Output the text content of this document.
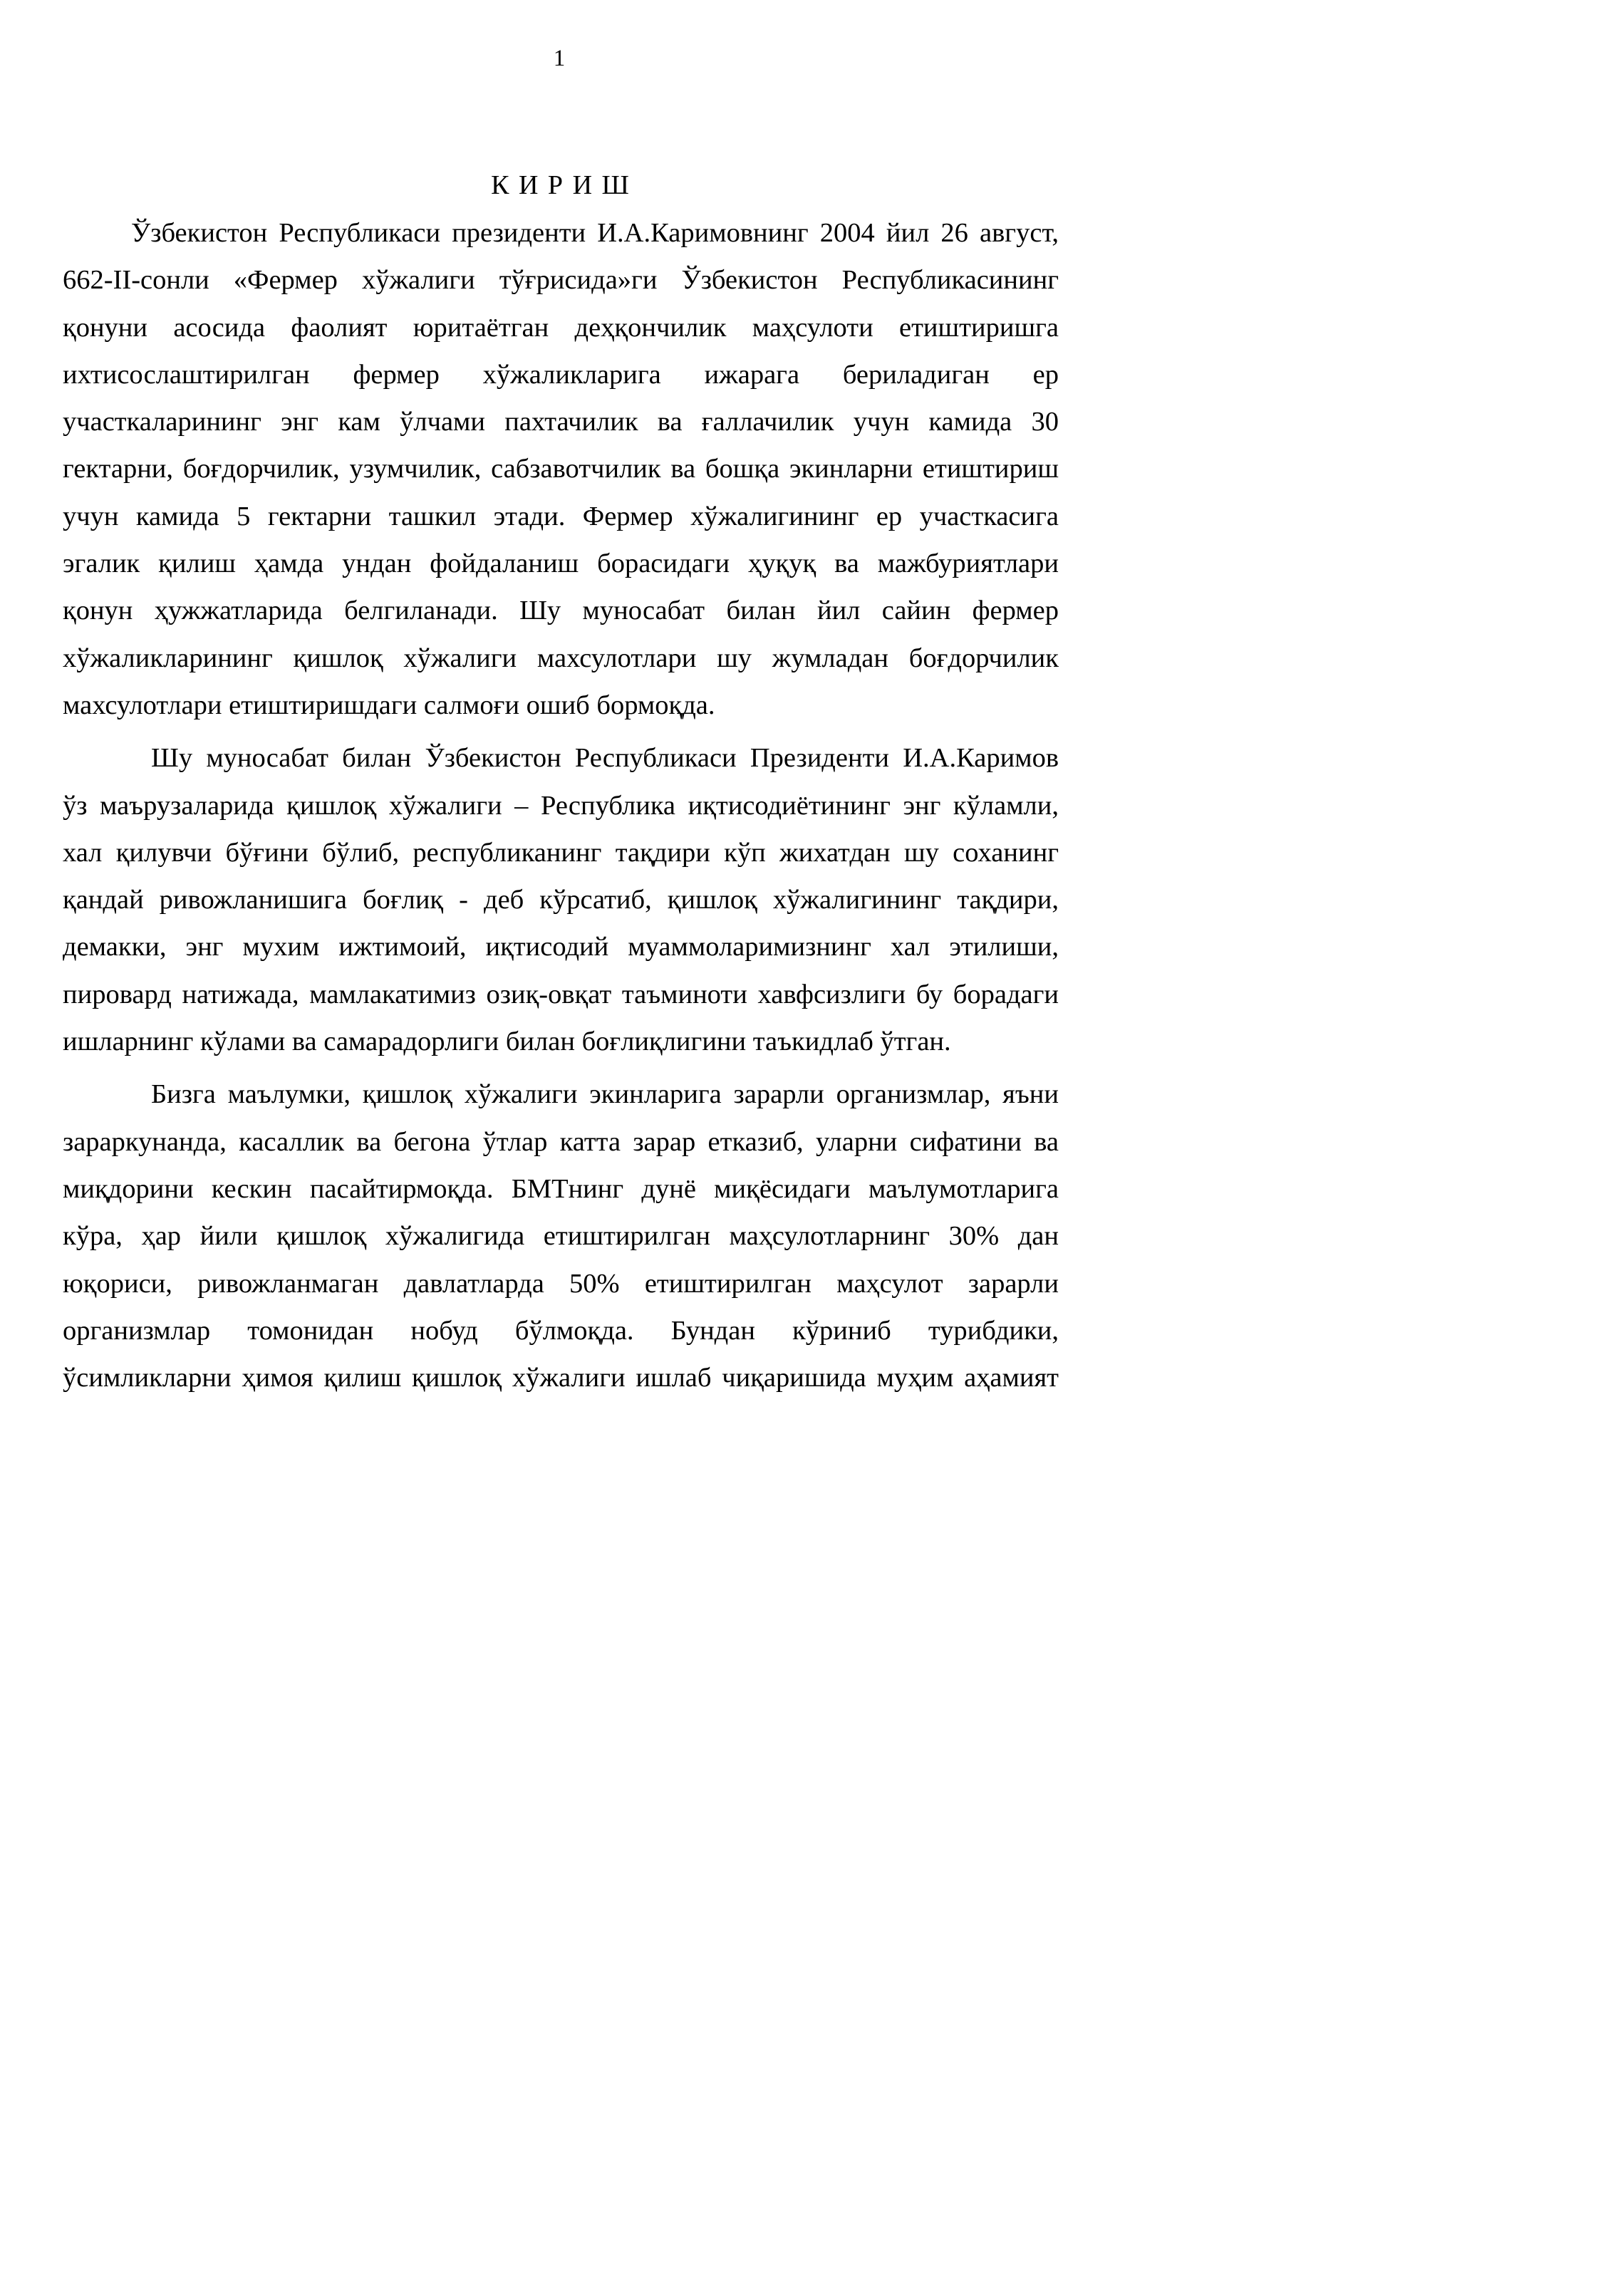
1
К И Р И Ш

Ўзбекистон Республикаси президенти И.А.Каримовнинг 2004 йил 26 август,
662-II-сонли «Фермер хўжалиги тўғрисида»ги Ўзбекистон Республикасининг
қонуни асосида фаолият юритаётган деҳқончилик маҳсулоти етиштиришга
ихтисослаштирилган фермер хўжаликларига ижарага бериладиган ер
участкаларининг энг кам ўлчами пахтачилик ва ғаллачилик учун камида 30
гектарни, боғдорчилик, узумчилик, сабзавотчилик ва бошқа экинларни етиштириш
учун камида 5 гектарни ташкил этади. Фермер хўжалигининг ер участкасига
эгалик қилиш ҳамда ундан фойдаланиш борасидаги ҳуқуқ ва мажбуриятлари
қонун ҳужжатларида белгиланади. Шу муносабат билан йил сайин фермер
хўжаликларининг қишлоқ хўжалиги махсулотлари шу жумладан боғдорчилик
махсулотлари етиштиришдаги салмоғи ошиб бормоқда.

Шу муносабат билан Ўзбекистон Республикаси Президенти И.А.Каримов
ўз маърузаларида қишлоқ хўжалиги – Республика иқтисодиётининг энг кўламли,
хал қилувчи бўғини бўлиб, республиканинг тақдири кўп жихатдан шу соханинг
қандай ривожланишига боғлиқ - деб кўрсатиб, қишлоқ хўжалигининг тақдири,
демакки, энг мухим ижтимоий, иқтисодий муаммоларимизнинг хал этилиши,
пировард натижада, мамлакатимиз озиқ-овқат таъминоти хавфсизлиги бу борадаги
ишларнинг кўлами ва самарадорлиги билан боғлиқлигини таъкидлаб ўтган.

Бизга маълумки, қишлоқ хўжалиги экинларига зарарли организмлар, яъни
зараркунанда, касаллик ва бегона ўтлар катта зарар етказиб, уларни сифатини ва
миқдорини кескин пасайтирмоқда. БМТнинг дунё миқёсидаги маълумотларига
кўра, ҳар йили қишлоқ хўжалигида етиштирилган маҳсулотларнинг 30% дан
юқориси, ривожланмаган давлатларда 50% етиштирилган маҳсулот зарарли
организмлар томонидан нобуд бўлмоқда. Бундан кўриниб турибдики,
ўсимликларни ҳимоя қилиш қишлоқ хўжалиги ишлаб чиқаришида муҳим аҳамият
